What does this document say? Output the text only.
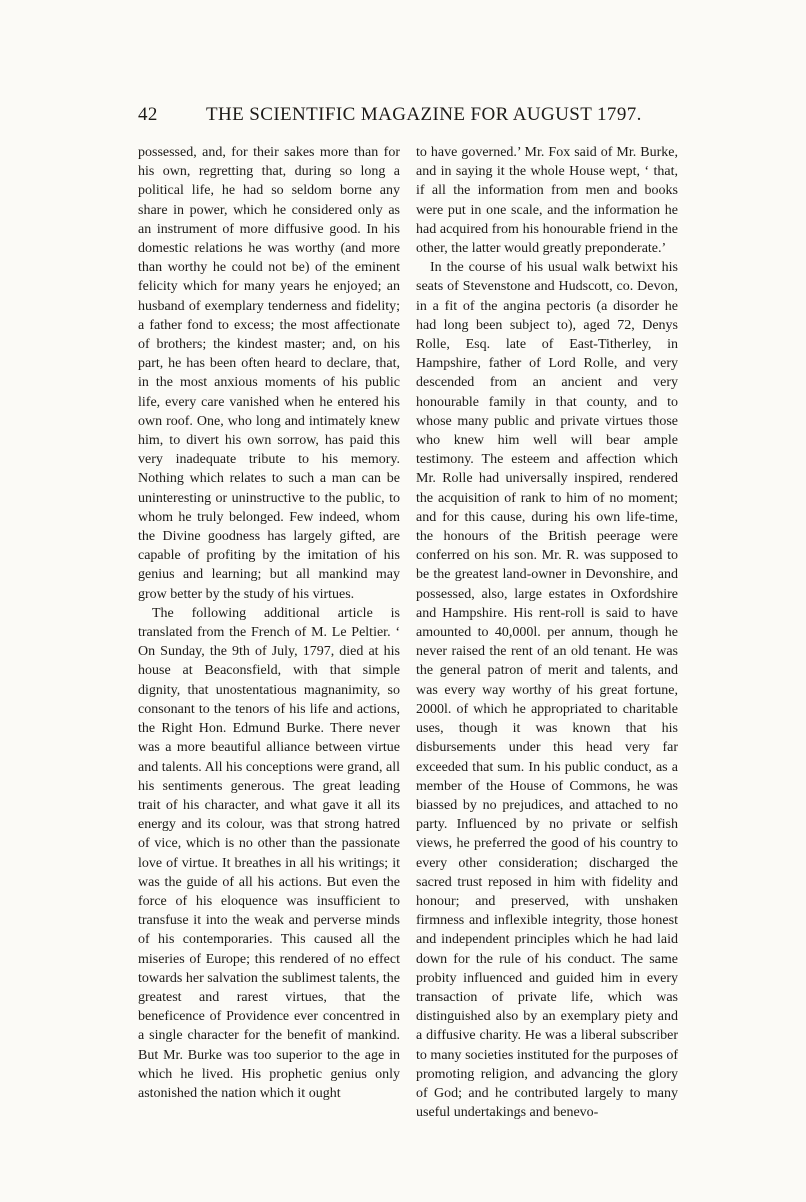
42	THE SCIENTIFIC MAGAZINE FOR AUGUST 1797.

possessed, and, for their sakes more than for his own, regretting that, during so long a political life, he had so seldom borne any share in power, which he considered only as an instrument of more diffusive good. In his domestic relations he was worthy (and more than worthy he could not be) of the eminent felicity which for many years he enjoyed; an husband of exemplary tenderness and fidelity; a father fond to excess; the most affectionate of brothers; the kindest master; and, on his part, he has been often heard to declare, that, in the most anxious moments of his public life, every care vanished when he entered his own roof. One, who long and intimately knew him, to divert his own sorrow, has paid this very inadequate tribute to his memory. Nothing which relates to such a man can be uninteresting or uninstructive to the public, to whom he truly belonged. Few indeed, whom the Divine goodness has largely gifted, are capable of profiting by the imitation of his genius and learning; but all mankind may grow better by the study of his virtues.

The following additional article is translated from the French of M. Le Peltier. ‘ On Sunday, the 9th of July, 1797, died at his house at Beaconsfield, with that simple dignity, that unostentatious magnanimity, so consonant to the tenors of his life and actions, the Right Hon. Edmund Burke. There never was a more beautiful alliance between virtue and talents. All his conceptions were grand, all his sentiments generous. The great leading trait of his character, and what gave it all its energy and its colour, was that strong hatred of vice, which is no other than the passionate love of virtue. It breathes in all his writings; it was the guide of all his actions. But even the force of his eloquence was insufficient to transfuse it into the weak and perverse minds of his contemporaries. This caused all the miseries of Europe; this rendered of no effect towards her salvation the sublimest talents, the greatest and rarest virtues, that the beneficence of Providence ever concentred in a single character for the benefit of mankind. But Mr. Burke was too superior to the age in which he lived. His prophetic genius only astonished the nation which it ought

to have governed.’ Mr. Fox said of Mr. Burke, and in saying it the whole House wept, ‘ that, if all the information from men and books were put in one scale, and the information he had acquired from his honourable friend in the other, the latter would greatly preponderate.’

In the course of his usual walk betwixt his seats of Stevenstone and Hudscott, co. Devon, in a fit of the angina pectoris (a disorder he had long been subject to), aged 72, Denys Rolle, Esq. late of East-Titherley, in Hampshire, father of Lord Rolle, and very descended from an ancient and very honourable family in that county, and to whose many public and private virtues those who knew him well will bear ample testimony. The esteem and affection which Mr. Rolle had universally inspired, rendered the acquisition of rank to him of no moment; and for this cause, during his own life-time, the honours of the British peerage were conferred on his son. Mr. R. was supposed to be the greatest land-owner in Devonshire, and possessed, also, large estates in Oxfordshire and Hampshire. His rent-roll is said to have amounted to 40,000l. per annum, though he never raised the rent of an old tenant. He was the general patron of merit and talents, and was every way worthy of his great fortune, 2000l. of which he appropriated to charitable uses, though it was known that his disbursements under this head very far exceeded that sum. In his public conduct, as a member of the House of Commons, he was biassed by no prejudices, and attached to no party. Influenced by no private or selfish views, he preferred the good of his country to every other consideration; discharged the sacred trust reposed in him with fidelity and honour; and preserved, with unshaken firmness and inflexible integrity, those honest and independent principles which he had laid down for the rule of his conduct. The same probity influenced and guided him in every transaction of private life, which was distinguished also by an exemplary piety and a diffusive charity. He was a liberal subscriber to many societies instituted for the purposes of promoting religion, and advancing the glory of God; and he contributed largely to many useful undertakings and benevo-
